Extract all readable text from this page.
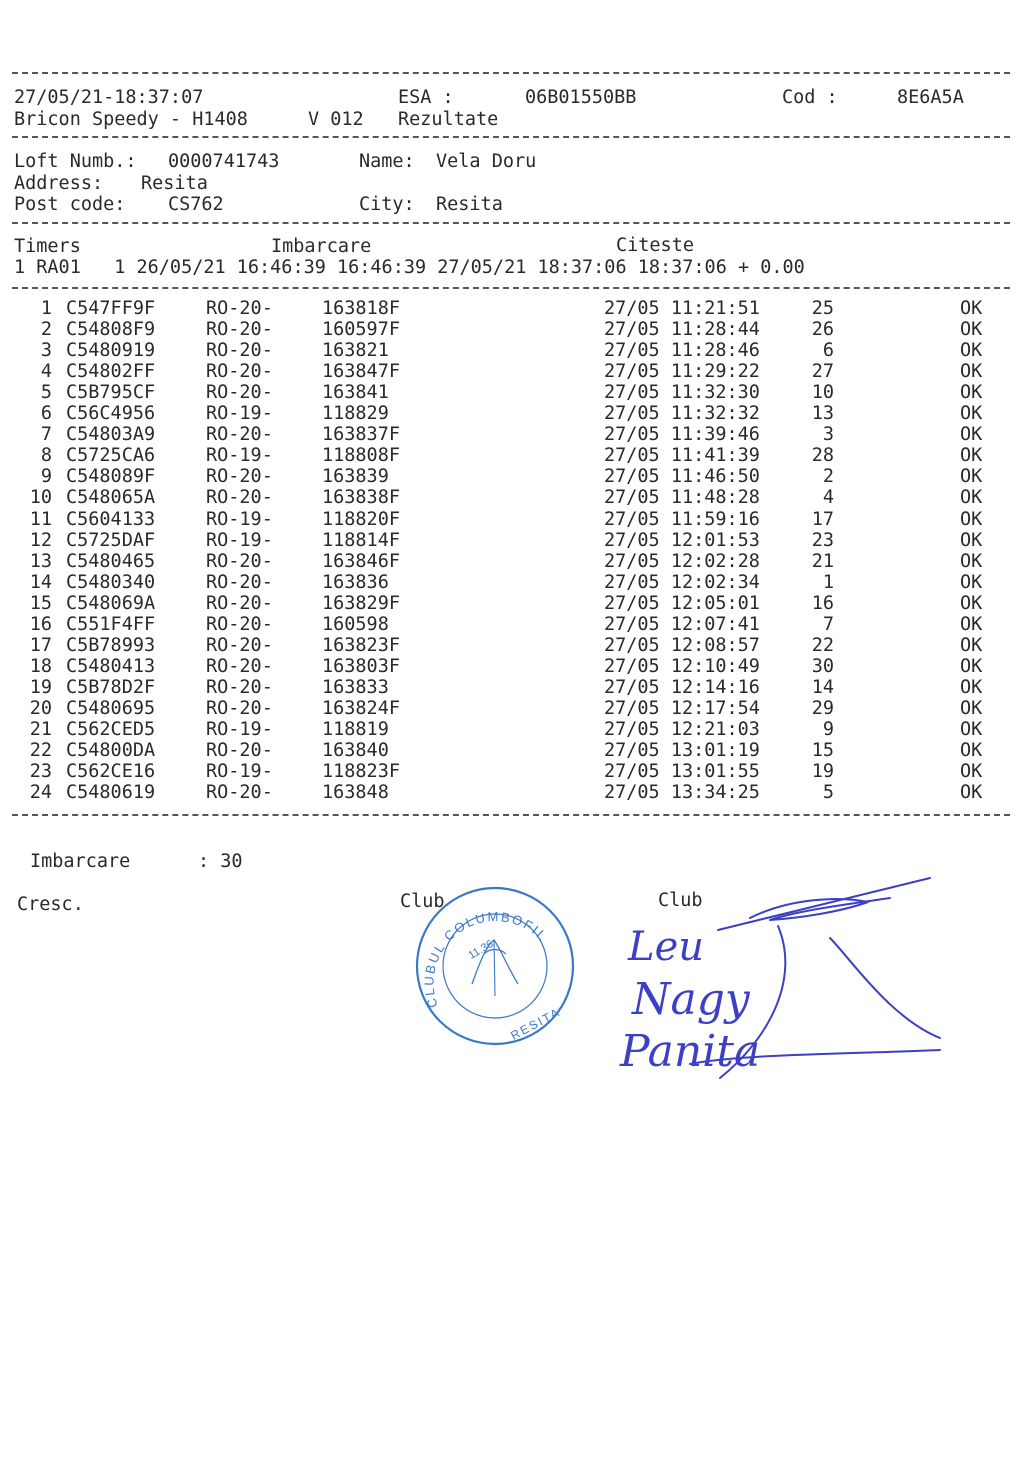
27/05/21-18:37:07	ESA :	06B01550BB	Cod :	8E6A5A
Bricon Speedy - H1408	V 012 Rezultate
Loft Numb.: 0000741743	Name: Vela Doru
Address: Resita
Post code: CS762	City: Resita
Timers	Imbarcare	Citeste
1 RA01   1 26/05/21 16:46:39 16:46:39 27/05/21 18:37:06 18:37:06 + 0.00
1 C547FF9F	RO-20-	163818F	27/05 11:21:51	25	OK
2 C54808F9	RO-20-	160597F	27/05 11:28:44	26	OK
3 C5480919	RO-20-	163821	27/05 11:28:46	6	OK
4 C54802FF	RO-20-	163847F	27/05 11:29:22	27	OK
5 C5B795CF	RO-20-	163841	27/05 11:32:30	10	OK
6 C56C4956	RO-19-	118829	27/05 11:32:32	13	OK
7 C54803A9	RO-20-	163837F	27/05 11:39:46	3	OK
8 C5725CA6	RO-19-	118808F	27/05 11:41:39	28	OK
9 C548089F	RO-20-	163839	27/05 11:46:50	2	OK
10 C548065A	RO-20-	163838F	27/05 11:48:28	4	OK
11 C5604133	RO-19-	118820F	27/05 11:59:16	17	OK
12 C5725DAF	RO-19-	118814F	27/05 12:01:53	23	OK
13 C5480465	RO-20-	163846F	27/05 12:02:28	21	OK
14 C5480340	RO-20-	163836	27/05 12:02:34	1	OK
15 C548069A	RO-20-	163829F	27/05 12:05:01	16	OK
16 C551F4FF	RO-20-	160598	27/05 12:07:41	7	OK
17 C5B78993	RO-20-	163823F	27/05 12:08:57	22	OK
18 C5480413	RO-20-	163803F	27/05 12:10:49	30	OK
19 C5B78D2F	RO-20-	163833	27/05 12:14:16	14	OK
20 C5480695	RO-20-	163824F	27/05 12:17:54	29	OK
21 C562CED5	RO-19-	118819	27/05 12:21:03	9	OK
22 C54800DA	RO-20-	163840	27/05 13:01:19	15	OK
23 C562CE16	RO-19-	118823F	27/05 13:01:55	19	OK
24 C5480619	RO-20-	163848	27/05 13:34:25	5	OK
Imbarcare	: 30
Cresc.	Club	Club
CLUBUL COLUMBOFIL
11.36
RESITA
Leu
Nagy
Panita
